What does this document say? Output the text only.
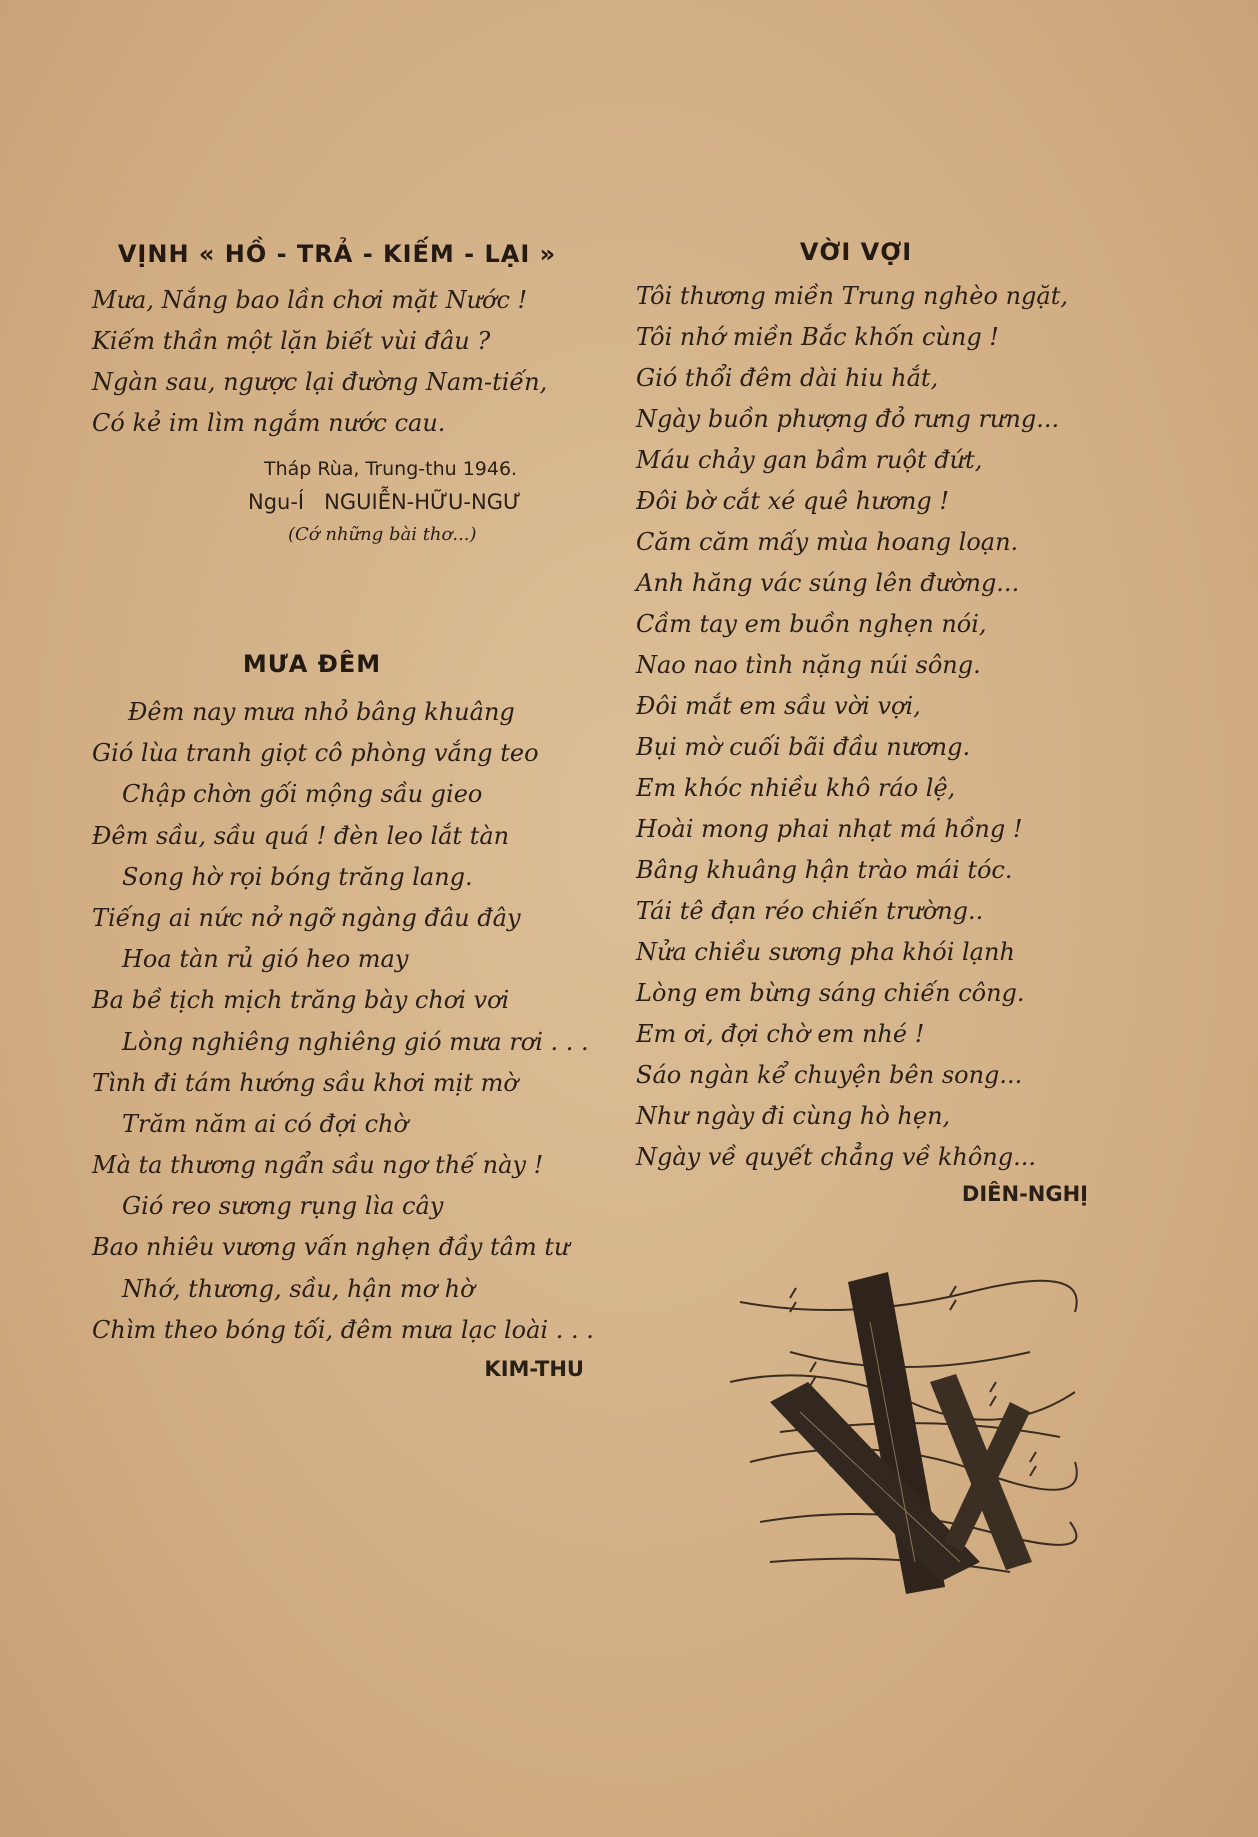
VỊNH « HỒ - TRẢ - KIẾM - LẠI »
Mưa, Nắng bao lần chơi mặt Nước !
Kiếm thần một lặn biết vùi đâu ?
Ngàn sau, ngược lại đường Nam-tiến,
Có kẻ im lìm ngắm nước cau.
Tháp Rùa, Trung-thu 1946.
Ngu-Í   NGUIỄN-HỮU-NGƯ
(Cớ những bài thơ...)
MƯA ĐÊM
Đêm nay mưa nhỏ bâng khuâng
Gió lùa tranh giọt cô phòng vắng teo
Chập chờn gối mộng sầu gieo
Đêm sầu, sầu quá ! đèn leo lắt tàn
Song hờ rọi bóng trăng lang.
Tiếng ai nức nở ngỡ ngàng đâu đây
Hoa tàn rủ gió heo may
Ba bề tịch mịch trăng bày chơi vơi
Lòng nghiêng nghiêng gió mưa rơi . . .
Tình đi tám hướng sầu khơi mịt mờ
Trăm năm ai có đợi chờ
Mà ta thương ngẩn sầu ngơ thế này !
Gió reo sương rụng lìa cây
Bao nhiêu vương vấn nghẹn đầy tâm tư
Nhớ, thương, sầu, hận mơ hờ
Chìm theo bóng tối, đêm mưa lạc loài . . .
KIM-THU
VỜI VỢI
Tôi thương miền Trung nghèo ngặt,
Tôi nhớ miền Bắc khốn cùng !
Gió thổi đêm dài hiu hắt,
Ngày buồn phượng đỏ rưng rưng...
Máu chảy gan bầm ruột đứt,
Đôi bờ cắt xé quê hương !
Căm căm mấy mùa hoang loạn.
Anh hăng vác súng lên đường...
Cầm tay em buồn nghẹn nói,
Nao nao tình nặng núi sông.
Đôi mắt em sầu vời vợi,
Bụi mờ cuối bãi đầu nương.
Em khóc nhiều khô ráo lệ,
Hoài mong phai nhạt má hồng !
Bâng khuâng hận trào mái tóc.
Tái tê đạn réo chiến trường..
Nửa chiều sương pha khói lạnh
Lòng em bừng sáng chiến công.
Em ơi, đợi chờ em nhé !
Sáo ngàn kể chuyện bên song...
Như ngày đi cùng hò hẹn,
Ngày về quyết chẳng về không...
DIÊN-NGHỊ
